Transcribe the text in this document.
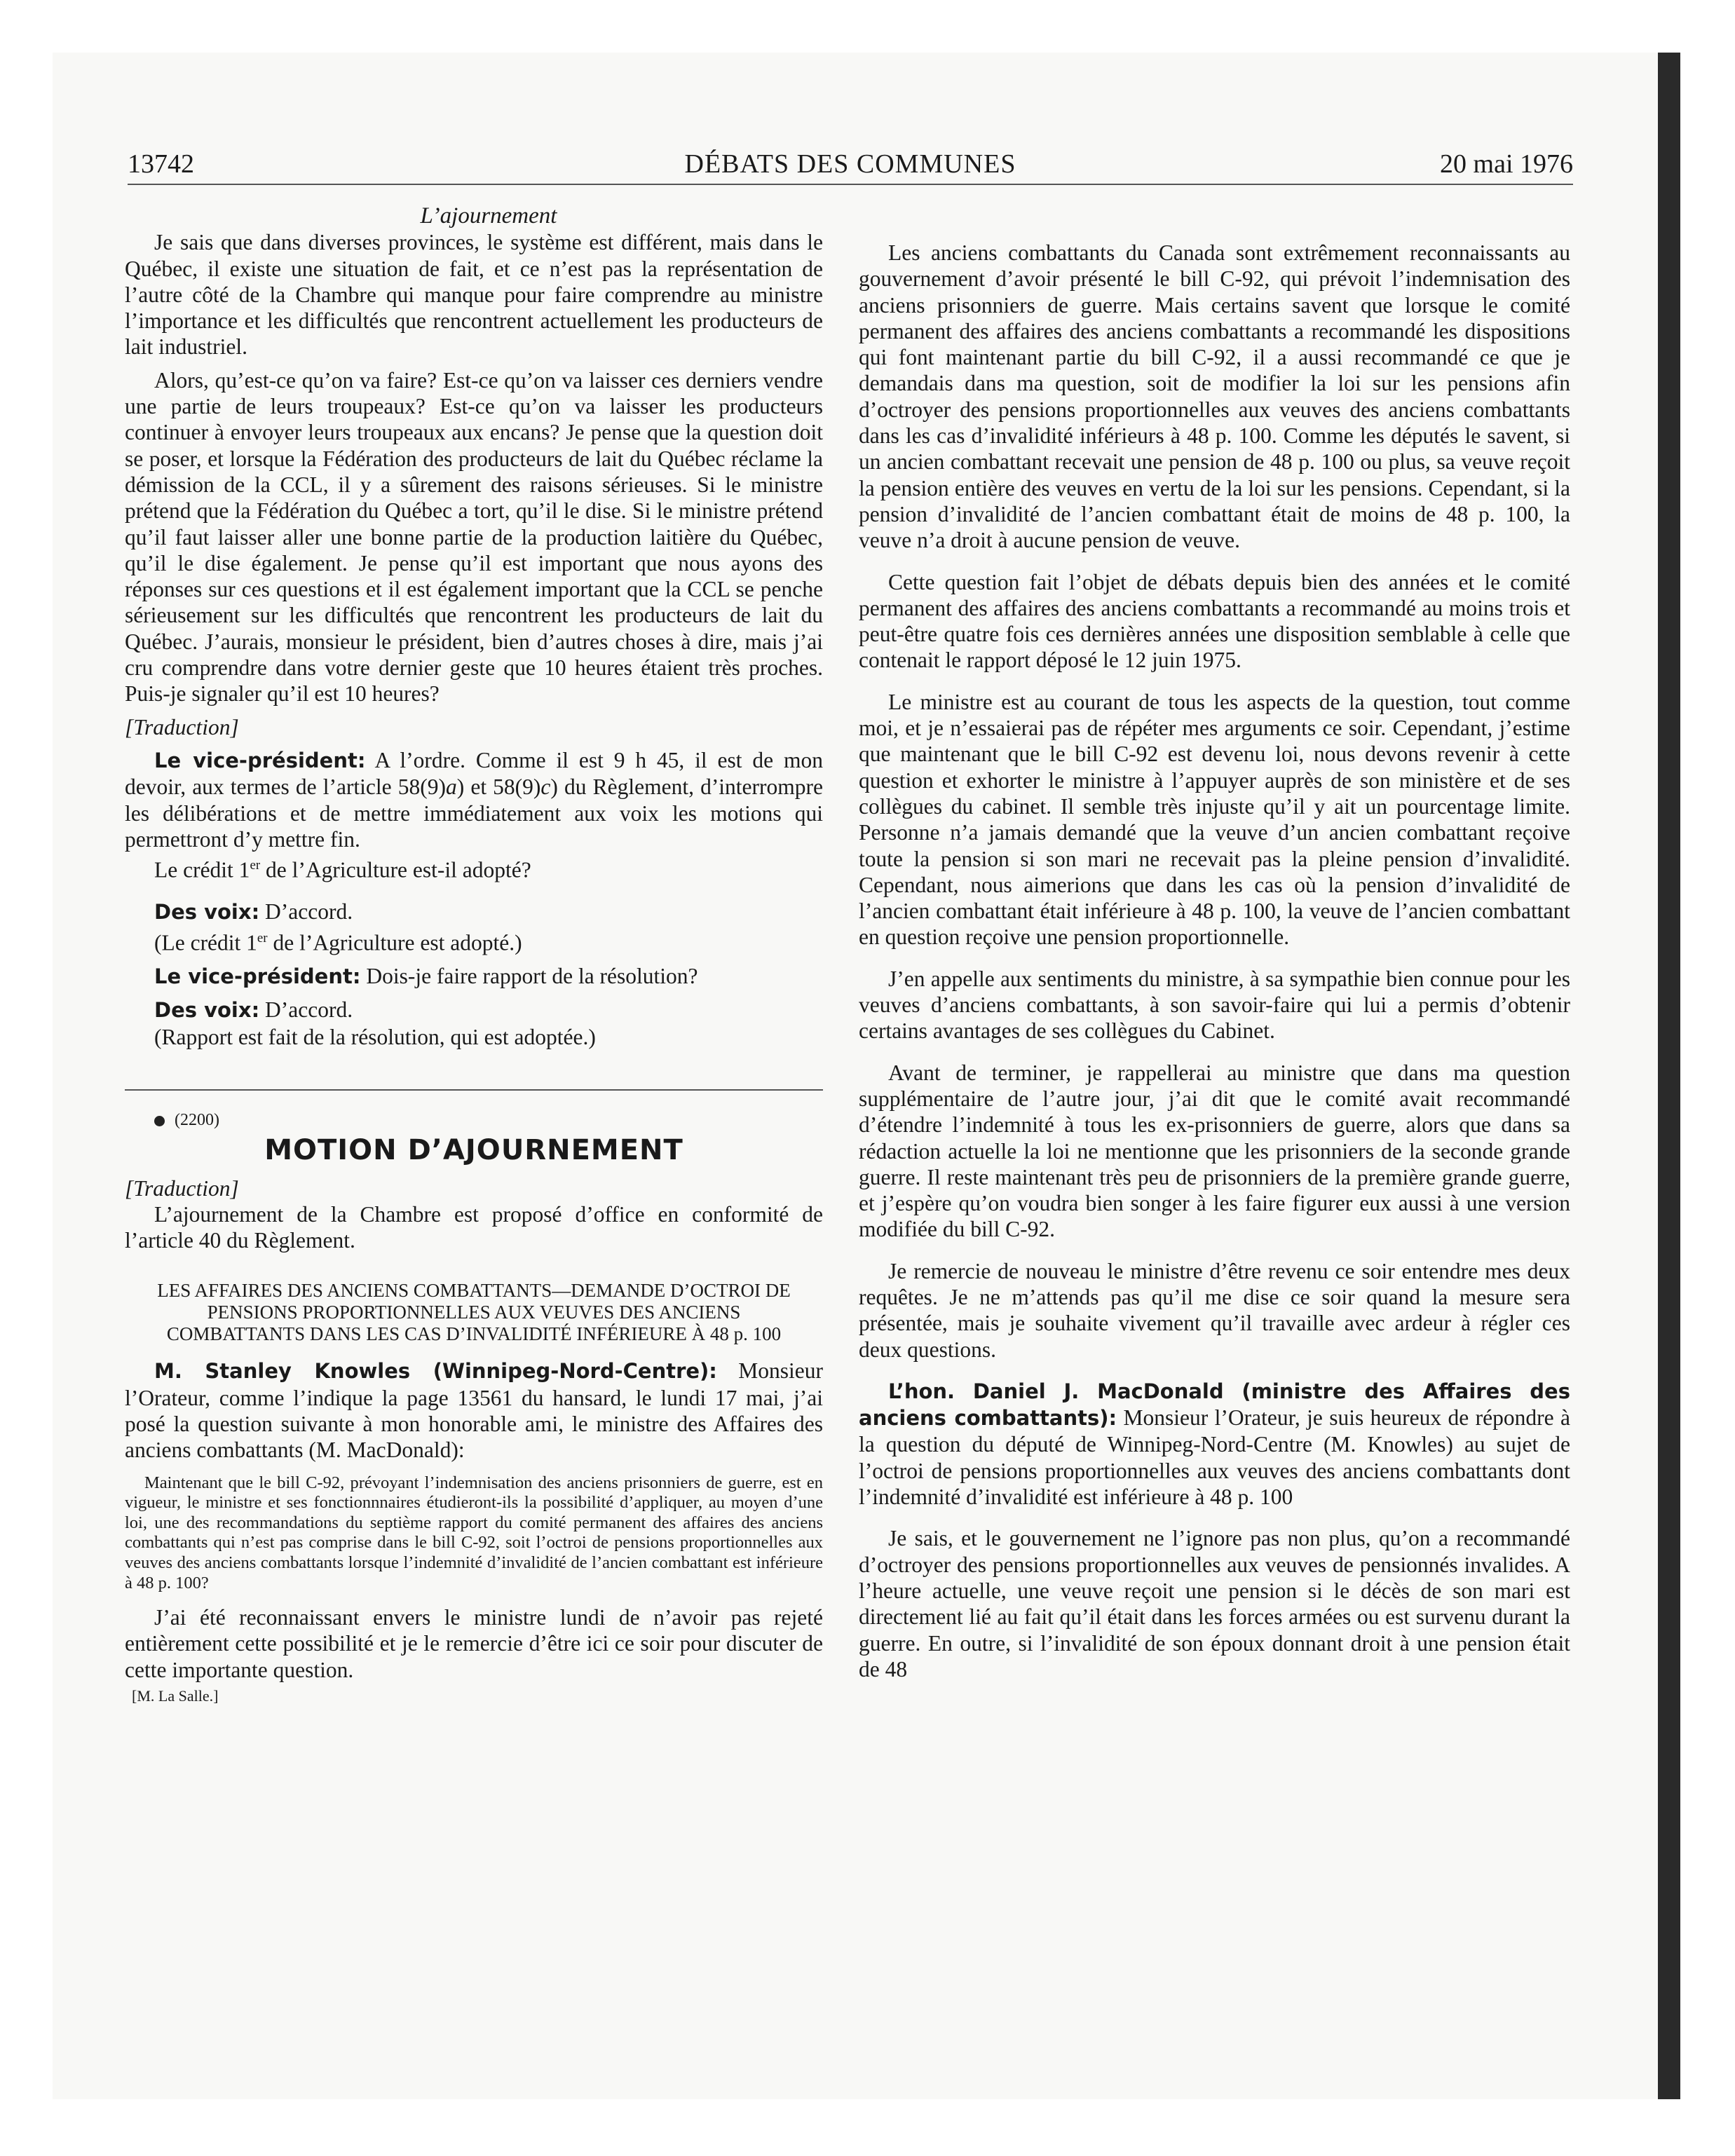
13742	DÉBATS DES COMMUNES	20 mai 1976

L’ajournement

Je sais que dans diverses provinces, le système est différent, mais dans le Québec, il existe une situation de fait, et ce n’est pas la représentation de l’autre côté de la Chambre qui manque pour faire comprendre au ministre l’importance et les difficultés que rencontrent actuellement les producteurs de lait industriel.

Alors, qu’est-ce qu’on va faire? Est-ce qu’on va laisser ces derniers vendre une partie de leurs troupeaux? Est-ce qu’on va laisser les producteurs continuer à envoyer leurs troupeaux aux encans? Je pense que la question doit se poser, et lorsque la Fédération des producteurs de lait du Québec réclame la démission de la CCL, il y a sûrement des raisons sérieuses. Si le ministre prétend que la Fédération du Québec a tort, qu’il le dise. Si le ministre prétend qu’il faut laisser aller une bonne partie de la production laitière du Québec, qu’il le dise également. Je pense qu’il est important que nous ayons des réponses sur ces questions et il est également important que la CCL se penche sérieusement sur les difficultés que rencontrent les producteurs de lait du Québec. J’aurais, monsieur le président, bien d’autres choses à dire, mais j’ai cru comprendre dans votre dernier geste que 10 heures étaient très proches. Puis-je signaler qu’il est 10 heures?

[Traduction]

Le vice-président: A l’ordre. Comme il est 9 h 45, il est de mon devoir, aux termes de l’article 58(9)a) et 58(9)c) du Règlement, d’interrompre les délibérations et de mettre immédiatement aux voix les motions qui permettront d’y mettre fin.

Le crédit 1er de l’Agriculture est-il adopté?

Des voix: D’accord.

(Le crédit 1er de l’Agriculture est adopté.)

Le vice-président: Dois-je faire rapport de la résolution?

Des voix: D’accord.

(Rapport est fait de la résolution, qui est adoptée.)

(2200)

MOTION D’AJOURNEMENT

[Traduction]

L’ajournement de la Chambre est proposé d’office en conformité de l’article 40 du Règlement.

LES AFFAIRES DES ANCIENS COMBATTANTS—DEMANDE D’OCTROI DE PENSIONS PROPORTIONNELLES AUX VEUVES DES ANCIENS COMBATTANTS DANS LES CAS D’INVALIDITÉ INFÉRIEURE À 48 p. 100

M. Stanley Knowles (Winnipeg-Nord-Centre): Monsieur l’Orateur, comme l’indique la page 13561 du hansard, le lundi 17 mai, j’ai posé la question suivante à mon honorable ami, le ministre des Affaires des anciens combattants (M. MacDonald):

Maintenant que le bill C-92, prévoyant l’indemnisation des anciens prisonniers de guerre, est en vigueur, le ministre et ses fonctionnnaires étudieront-ils la possibilité d’appliquer, au moyen d’une loi, une des recommandations du septième rapport du comité permanent des affaires des anciens combattants qui n’est pas comprise dans le bill C-92, soit l’octroi de pensions proportionnelles aux veuves des anciens combattants lorsque l’indemnité d’invalidité de l’ancien combattant est inférieure à 48 p. 100?

J’ai été reconnaissant envers le ministre lundi de n’avoir pas rejeté entièrement cette possibilité et je le remercie d’être ici ce soir pour discuter de cette importante question.

[M. La Salle.]

Les anciens combattants du Canada sont extrêmement reconnaissants au gouvernement d’avoir présenté le bill C-92, qui prévoit l’indemnisation des anciens prisonniers de guerre. Mais certains savent que lorsque le comité permanent des affaires des anciens combattants a recommandé les dispositions qui font maintenant partie du bill C-92, il a aussi recommandé ce que je demandais dans ma question, soit de modifier la loi sur les pensions afin d’octroyer des pensions proportionnelles aux veuves des anciens combattants dans les cas d’invalidité inférieurs à 48 p. 100. Comme les députés le savent, si un ancien combattant recevait une pension de 48 p. 100 ou plus, sa veuve reçoit la pension entière des veuves en vertu de la loi sur les pensions. Cependant, si la pension d’invalidité de l’ancien combattant était de moins de 48 p. 100, la veuve n’a droit à aucune pension de veuve.

Cette question fait l’objet de débats depuis bien des années et le comité permanent des affaires des anciens combattants a recommandé au moins trois et peut-être quatre fois ces dernières années une disposition semblable à celle que contenait le rapport déposé le 12 juin 1975.

Le ministre est au courant de tous les aspects de la question, tout comme moi, et je n’essaierai pas de répéter mes arguments ce soir. Cependant, j’estime que maintenant que le bill C-92 est devenu loi, nous devons revenir à cette question et exhorter le ministre à l’appuyer auprès de son ministère et de ses collègues du cabinet. Il semble très injuste qu’il y ait un pourcentage limite. Personne n’a jamais demandé que la veuve d’un ancien combattant reçoive toute la pension si son mari ne recevait pas la pleine pension d’invalidité. Cependant, nous aimerions que dans les cas où la pension d’invalidité de l’ancien combattant était inférieure à 48 p. 100, la veuve de l’ancien combattant en question reçoive une pension proportionnelle.

J’en appelle aux sentiments du ministre, à sa sympathie bien connue pour les veuves d’anciens combattants, à son savoir-faire qui lui a permis d’obtenir certains avantages de ses collègues du Cabinet.

Avant de terminer, je rappellerai au ministre que dans ma question supplémentaire de l’autre jour, j’ai dit que le comité avait recommandé d’étendre l’indemnité à tous les ex-prisonniers de guerre, alors que dans sa rédaction actuelle la loi ne mentionne que les prisonniers de la seconde grande guerre. Il reste maintenant très peu de prisonniers de la première grande guerre, et j’espère qu’on voudra bien songer à les faire figurer eux aussi à une version modifiée du bill C-92.

Je remercie de nouveau le ministre d’être revenu ce soir entendre mes deux requêtes. Je ne m’attends pas qu’il me dise ce soir quand la mesure sera présentée, mais je souhaite vivement qu’il travaille avec ardeur à régler ces deux questions.

L’hon. Daniel J. MacDonald (ministre des Affaires des anciens combattants): Monsieur l’Orateur, je suis heureux de répondre à la question du député de Winnipeg-Nord-Centre (M. Knowles) au sujet de l’octroi de pensions proportionnelles aux veuves des anciens combattants dont l’indemnité d’invalidité est inférieure à 48 p. 100

Je sais, et le gouvernement ne l’ignore pas non plus, qu’on a recommandé d’octroyer des pensions proportionnelles aux veuves de pensionnés invalides. A l’heure actuelle, une veuve reçoit une pension si le décès de son mari est directement lié au fait qu’il était dans les forces armées ou est survenu durant la guerre. En outre, si l’invalidité de son époux donnant droit à une pension était de 48
